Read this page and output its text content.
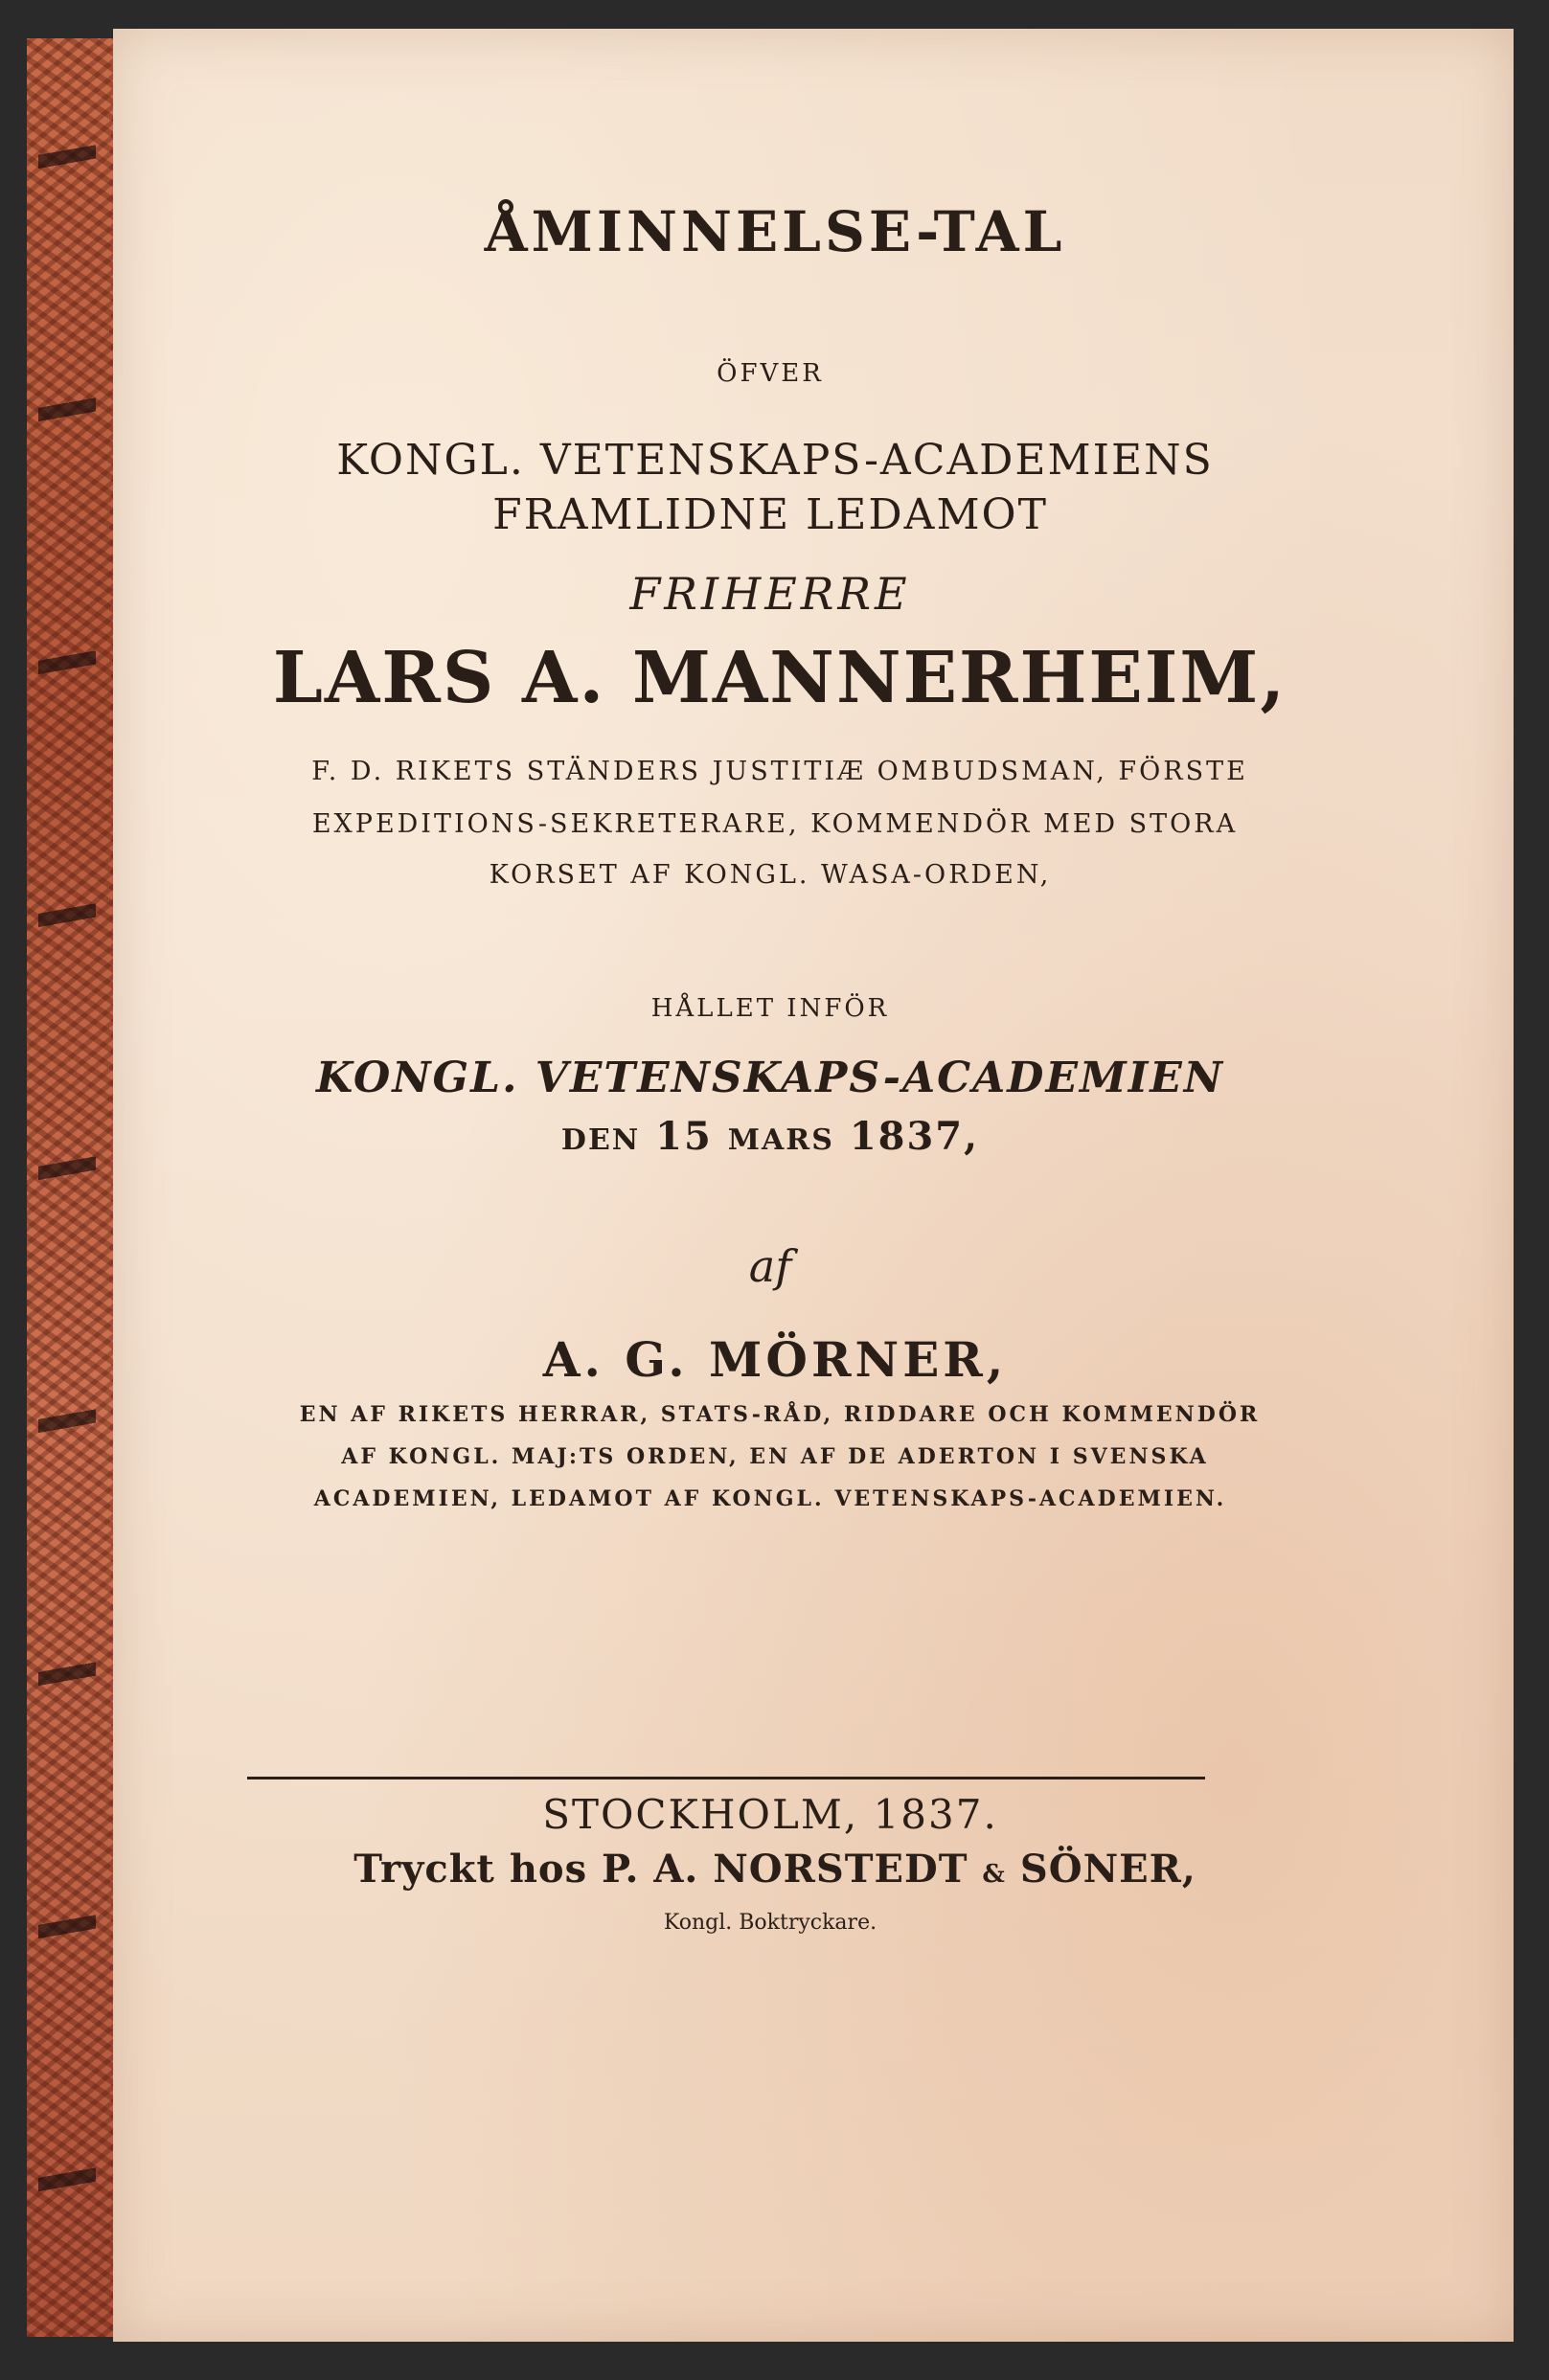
ÅMINNELSE-TAL
ÖFVER
KONGL. VETENSKAPS-ACADEMIENS
FRAMLIDNE LEDAMOT
FRIHERRE
LARS A. MANNERHEIM,
F. D. RIKETS STÄNDERS JUSTITIÆ OMBUDSMAN, FÖRSTE
EXPEDITIONS-SEKRETERARE, KOMMENDÖR MED STORA
KORSET AF KONGL. WASA-ORDEN,
HÅLLET INFÖR
KONGL. VETENSKAPS-ACADEMIEN
DEN 15 MARS 1837,
af
A. G. MÖRNER,
EN AF RIKETS HERRAR, STATS-RÅD, RIDDARE OCH KOMMENDÖR
AF KONGL. MAJ:TS ORDEN, EN AF DE ADERTON I SVENSKA
ACADEMIEN, LEDAMOT AF KONGL. VETENSKAPS-ACADEMIEN.
STOCKHOLM, 1837.
Tryckt hos P. A. NORSTEDT & SÖNER,
Kongl. Boktryckare.
